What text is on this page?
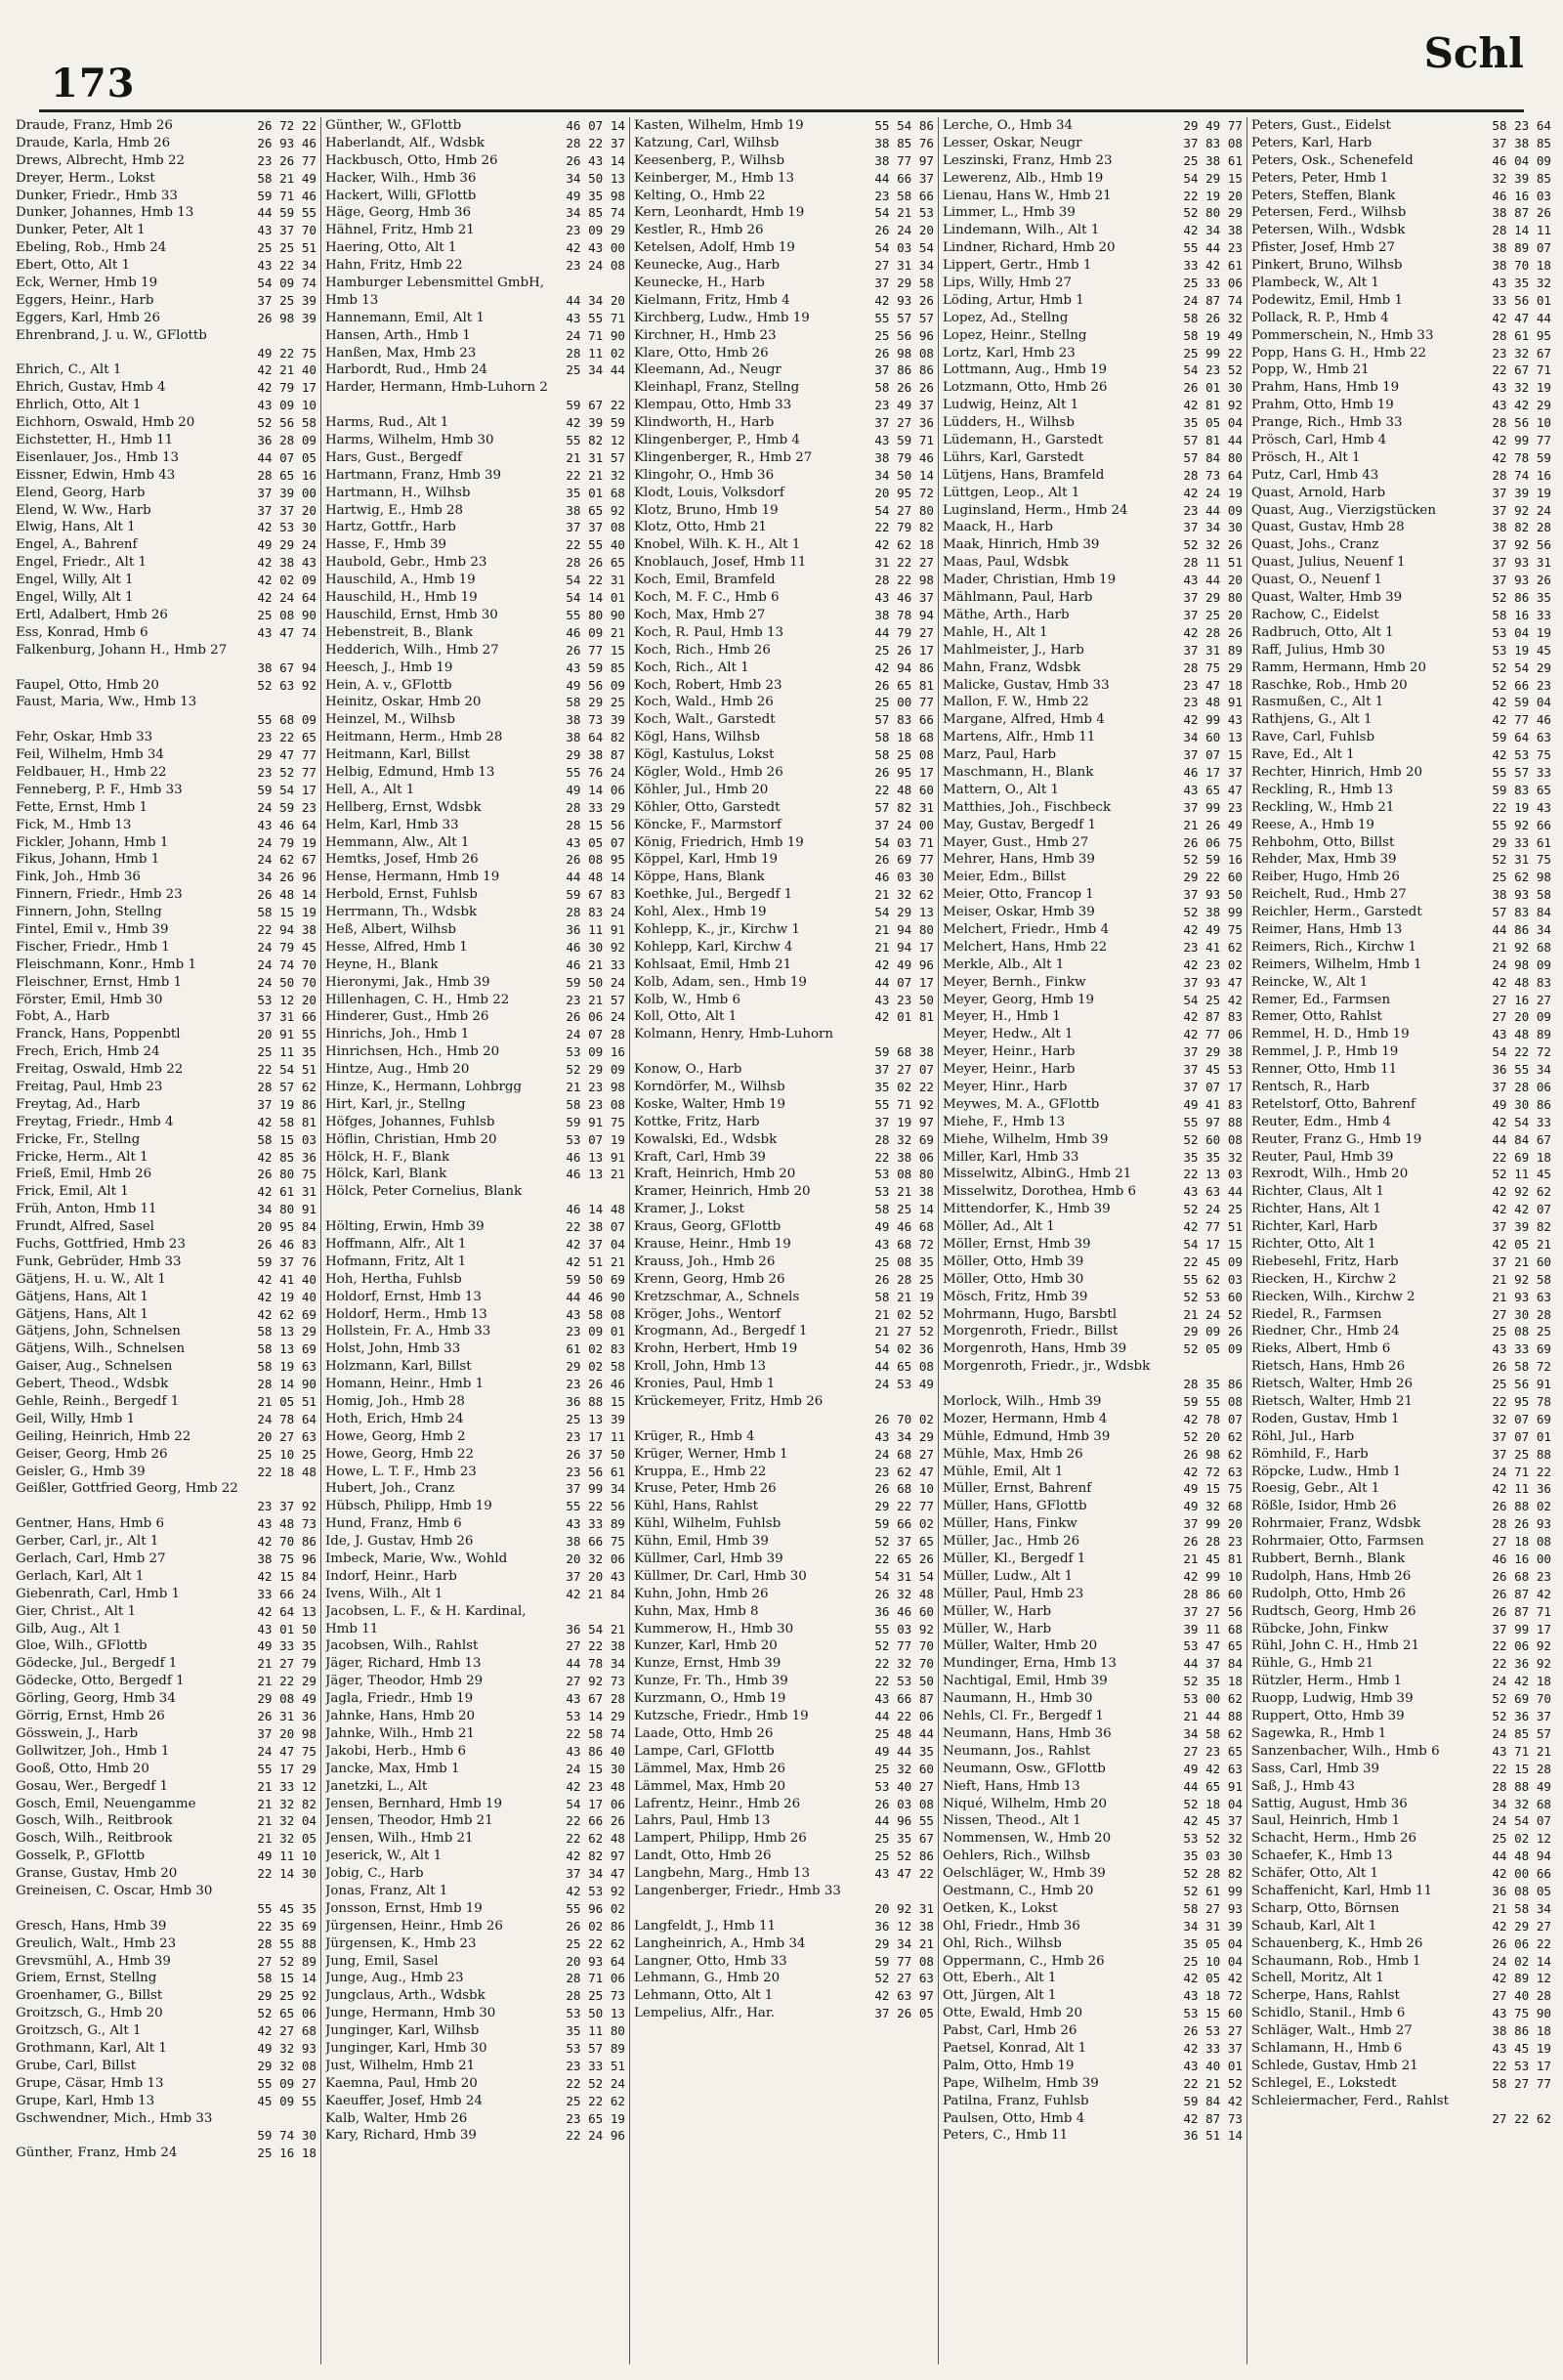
173
Schl
Draude, Franz, Hmb 26	26 72 22
Draude, Karla, Hmb 26	26 93 46
Drews, Albrecht, Hmb 22	23 26 77
Dreyer, Herm., Lokst	58 21 49
Dunker, Friedr., Hmb 33	59 71 46
Dunker, Johannes, Hmb 13	44 59 55
Dunker, Peter, Alt 1	43 37 70
Ebeling, Rob., Hmb 24	25 25 51
Ebert, Otto, Alt 1	43 22 34
Eck, Werner, Hmb 19	54 09 74
Eggers, Heinr., Harb	37 25 39
Eggers, Karl, Hmb 26	26 98 39
Ehrenbrand, J. u. W., GFlottb
49 22 75
Ehrich, C., Alt 1	42 21 40
Ehrich, Gustav, Hmb 4	42 79 17
Ehrlich, Otto, Alt 1	43 09 10
Eichhorn, Oswald, Hmb 20	52 56 58
Eichstetter, H., Hmb 11	36 28 09
Eisenlauer, Jos., Hmb 13	44 07 05
Eissner, Edwin, Hmb 43	28 65 16
Elend, Georg, Harb	37 39 00
Elend, W. Ww., Harb	37 37 20
Elwig, Hans, Alt 1	42 53 30
Engel, A., Bahrenf	49 29 24
Engel, Friedr., Alt 1	42 38 43
Engel, Willy, Alt 1	42 02 09
Engel, Willy, Alt 1	42 24 64
Ertl, Adalbert, Hmb 26	25 08 90
Ess, Konrad, Hmb 6	43 47 74
Falkenburg, Johann H., Hmb 27
38 67 94
Faupel, Otto, Hmb 20	52 63 92
Faust, Maria, Ww., Hmb 13
55 68 09
Fehr, Oskar, Hmb 33	23 22 65
Feil, Wilhelm, Hmb 34	29 47 77
Feldbauer, H., Hmb 22	23 52 77
Fenneberg, P. F., Hmb 33	59 54 17
Fette, Ernst, Hmb 1	24 59 23
Fick, M., Hmb 13	43 46 64
Fickler, Johann, Hmb 1	24 79 19
Fikus, Johann, Hmb 1	24 62 67
Fink, Joh., Hmb 36	34 26 96
Finnern, Friedr., Hmb 23	26 48 14
Finnern, John, Stellng	58 15 19
Fintel, Emil v., Hmb 39	22 94 38
Fischer, Friedr., Hmb 1	24 79 45
Fleischmann, Konr., Hmb 1	24 74 70
Fleischner, Ernst, Hmb 1	24 50 70
Förster, Emil, Hmb 30	53 12 20
Fobt, A., Harb	37 31 66
Franck, Hans, Poppenbtl	20 91 55
Frech, Erich, Hmb 24	25 11 35
Freitag, Oswald, Hmb 22	22 54 51
Freitag, Paul, Hmb 23	28 57 62
Freytag, Ad., Harb	37 19 86
Freytag, Friedr., Hmb 4	42 58 81
Fricke, Fr., Stellng	58 15 03
Fricke, Herm., Alt 1	42 85 36
Frieß, Emil, Hmb 26	26 80 75
Frick, Emil, Alt 1	42 61 31
Früh, Anton, Hmb 11	34 80 91
Frundt, Alfred, Sasel	20 95 84
Fuchs, Gottfried, Hmb 23	26 46 83
Funk, Gebrüder, Hmb 33	59 37 76
Gätjens, H. u. W., Alt 1	42 41 40
Gätjens, Hans, Alt 1	42 19 40
Gätjens, Hans, Alt 1	42 62 69
Gätjens, John, Schnelsen	58 13 29
Gätjens, Wilh., Schnelsen	58 13 69
Gaiser, Aug., Schnelsen	58 19 63
Gebert, Theod., Wdsbk	28 14 90
Gehle, Reinh., Bergedf 1	21 05 51
Geil, Willy, Hmb 1	24 78 64
Geiling, Heinrich, Hmb 22	20 27 63
Geiser, Georg, Hmb 26	25 10 25
Geisler, G., Hmb 39	22 18 48
Geißler, Gottfried Georg, Hmb 22
23 37 92
Gentner, Hans, Hmb 6	43 48 73
Gerber, Carl, jr., Alt 1	42 70 86
Gerlach, Carl, Hmb 27	38 75 96
Gerlach, Karl, Alt 1	42 15 84
Giebenrath, Carl, Hmb 1	33 66 24
Gier, Christ., Alt 1	42 64 13
Gilb, Aug., Alt 1	43 01 50
Gloe, Wilh., GFlottb	49 33 35
Gödecke, Jul., Bergedf 1	21 27 79
Gödecke, Otto, Bergedf 1	21 22 29
Görling, Georg, Hmb 34	29 08 49
Görrig, Ernst, Hmb 26	26 31 36
Gösswein, J., Harb	37 20 98
Gollwitzer, Joh., Hmb 1	24 47 75
Gooß, Otto, Hmb 20	55 17 29
Gosau, Wer., Bergedf 1	21 33 12
Gosch, Emil, Neuengamme	21 32 82
Gosch, Wilh., Reitbrook	21 32 04
Gosch, Wilh., Reitbrook	21 32 05
Gosselk, P., GFlottb	49 11 10
Granse, Gustav, Hmb 20	22 14 30
Greineisen, C. Oscar, Hmb 30
55 45 35
Gresch, Hans, Hmb 39	22 35 69
Greulich, Walt., Hmb 23	28 55 88
Grevsmühl, A., Hmb 39	27 52 89
Griem, Ernst, Stellng	58 15 14
Groenhamer, G., Billst	29 25 92
Groitzsch, G., Hmb 20	52 65 06
Groitzsch, G., Alt 1	42 27 68
Grothmann, Karl, Alt 1	49 32 93
Grube, Carl, Billst	29 32 08
Grupe, Cäsar, Hmb 13	55 09 27
Grupe, Karl, Hmb 13	45 09 55
Gschwendner, Mich., Hmb 33
59 74 30
Günther, Franz, Hmb 24	25 16 18
Günther, W., GFlottb	46 07 14
Haberlandt, Alf., Wdsbk	28 22 37
Hackbusch, Otto, Hmb 26	26 43 14
Hacker, Wilh., Hmb 36	34 50 13
Hackert, Willi, GFlottb	49 35 98
Häge, Georg, Hmb 36	34 85 74
Hähnel, Fritz, Hmb 21	23 09 29
Haering, Otto, Alt 1	42 43 00
Hahn, Fritz, Hmb 22	23 24 08
Hamburger Lebensmittel GmbH,
Hmb 13	44 34 20
Hannemann, Emil, Alt 1	43 55 71
Hansen, Arth., Hmb 1	24 71 90
Hanßen, Max, Hmb 23	28 11 02
Harbordt, Rud., Hmb 24	25 34 44
Harder, Hermann, Hmb-Luhorn 2
59 67 22
Harms, Rud., Alt 1	42 39 59
Harms, Wilhelm, Hmb 30	55 82 12
Hars, Gust., Bergedf	21 31 57
Hartmann, Franz, Hmb 39	22 21 32
Hartmann, H., Wilhsb	35 01 68
Hartwig, E., Hmb 28	38 65 92
Hartz, Gottfr., Harb	37 37 08
Hasse, F., Hmb 39	22 55 40
Haubold, Gebr., Hmb 23	28 26 65
Hauschild, A., Hmb 19	54 22 31
Hauschild, H., Hmb 19	54 14 01
Hauschild, Ernst, Hmb 30	55 80 90
Hebenstreit, B., Blank	46 09 21
Hedderich, Wilh., Hmb 27	26 77 15
Heesch, J., Hmb 19	43 59 85
Hein, A. v., GFlottb	49 56 09
Heinitz, Oskar, Hmb 20	58 29 25
Heinzel, M., Wilhsb	38 73 39
Heitmann, Herm., Hmb 28	38 64 82
Heitmann, Karl, Billst	29 38 87
Helbig, Edmund, Hmb 13	55 76 24
Hell, A., Alt 1	49 14 06
Hellberg, Ernst, Wdsbk	28 33 29
Helm, Karl, Hmb 33	28 15 56
Hemmann, Alw., Alt 1	43 05 07
Hemtks, Josef, Hmb 26	26 08 95
Hense, Hermann, Hmb 19	44 48 14
Herbold, Ernst, Fuhlsb	59 67 83
Herrmann, Th., Wdsbk	28 83 24
Heß, Albert, Wilhsb	36 11 91
Hesse, Alfred, Hmb 1	46 30 92
Heyne, H., Blank	46 21 33
Hieronymi, Jak., Hmb 39	59 50 24
Hillenhagen, C. H., Hmb 22	23 21 57
Hinderer, Gust., Hmb 26	26 06 24
Hinrichs, Joh., Hmb 1	24 07 28
Hinrichsen, Hch., Hmb 20	53 09 16
Hintze, Aug., Hmb 20	52 29 09
Hinze, K., Hermann, Lohbrgg	21 23 98
Hirt, Karl, jr., Stellng	58 23 08
Höfges, Johannes, Fuhlsb	59 91 75
Höflin, Christian, Hmb 20	53 07 19
Hölck, H. F., Blank	46 13 91
Hölck, Karl, Blank	46 13 21
Hölck, Peter Cornelius, Blank
46 14 48
Hölting, Erwin, Hmb 39	22 38 07
Hoffmann, Alfr., Alt 1	42 37 04
Hofmann, Fritz, Alt 1	42 51 21
Hoh, Hertha, Fuhlsb	59 50 69
Holdorf, Ernst, Hmb 13	44 46 90
Holdorf, Herm., Hmb 13	43 58 08
Hollstein, Fr. A., Hmb 33	23 09 01
Holst, John, Hmb 33	61 02 83
Holzmann, Karl, Billst	29 02 58
Homann, Heinr., Hmb 1	23 26 46
Homig, Joh., Hmb 28	36 88 15
Hoth, Erich, Hmb 24	25 13 39
Howe, Georg, Hmb 2	23 17 11
Howe, Georg, Hmb 22	26 37 50
Howe, L. T. F., Hmb 23	23 56 61
Hubert, Joh., Cranz	37 99 34
Hübsch, Philipp, Hmb 19	55 22 56
Hund, Franz, Hmb 6	43 33 89
Ide, J. Gustav, Hmb 26	38 66 75
Imbeck, Marie, Ww., Wohld	20 32 06
Indorf, Heinr., Harb	37 20 43
Ivens, Wilh., Alt 1	42 21 84
Jacobsen, L. F., & H. Kardinal,
Hmb 11	36 54 21
Jacobsen, Wilh., Rahlst	27 22 38
Jäger, Richard, Hmb 13	44 78 34
Jäger, Theodor, Hmb 29	27 92 73
Jagla, Friedr., Hmb 19	43 67 28
Jahnke, Hans, Hmb 20	53 14 29
Jahnke, Wilh., Hmb 21	22 58 74
Jakobi, Herb., Hmb 6	43 86 40
Jancke, Max, Hmb 1	24 15 30
Janetzki, L., Alt	42 23 48
Jensen, Bernhard, Hmb 19	54 17 06
Jensen, Theodor, Hmb 21	22 66 26
Jensen, Wilh., Hmb 21	22 62 48
Jeserick, W., Alt 1	42 82 97
Jobig, C., Harb	37 34 47
Jonas, Franz, Alt 1	42 53 92
Jonsson, Ernst, Hmb 19	55 96 02
Jürgensen, Heinr., Hmb 26	26 02 86
Jürgensen, K., Hmb 23	25 22 62
Jung, Emil, Sasel	20 93 64
Junge, Aug., Hmb 23	28 71 06
Jungclaus, Arth., Wdsbk	28 25 73
Junge, Hermann, Hmb 30	53 50 13
Junginger, Karl, Wilhsb	35 11 80
Junginger, Karl, Hmb 30	53 57 89
Just, Wilhelm, Hmb 21	23 33 51
Kaemna, Paul, Hmb 20	22 52 24
Kaeuffer, Josef, Hmb 24	25 22 62
Kalb, Walter, Hmb 26	23 65 19
Kary, Richard, Hmb 39	22 24 96
Kasten, Wilhelm, Hmb 19	55 54 86
Katzung, Carl, Wilhsb	38 85 76
Keesenberg, P., Wilhsb	38 77 97
Keinberger, M., Hmb 13	44 66 37
Kelting, O., Hmb 22	23 58 66
Kern, Leonhardt, Hmb 19	54 21 53
Kestler, R., Hmb 26	26 24 20
Ketelsen, Adolf, Hmb 19	54 03 54
Keunecke, Aug., Harb	27 31 34
Keunecke, H., Harb	37 29 58
Kielmann, Fritz, Hmb 4	42 93 26
Kirchberg, Ludw., Hmb 19	55 57 57
Kirchner, H., Hmb 23	25 56 96
Klare, Otto, Hmb 26	26 98 08
Kleemann, Ad., Neugr	37 86 86
Kleinhapl, Franz, Stellng	58 26 26
Klempau, Otto, Hmb 33	23 49 37
Klindworth, H., Harb	37 27 36
Klingenberger, P., Hmb 4	43 59 71
Klingenberger, R., Hmb 27	38 79 46
Klingohr, O., Hmb 36	34 50 14
Klodt, Louis, Volksdorf	20 95 72
Klotz, Bruno, Hmb 19	54 27 80
Klotz, Otto, Hmb 21	22 79 82
Knobel, Wilh. K. H., Alt 1	42 62 18
Knoblauch, Josef, Hmb 11	31 22 27
Koch, Emil, Bramfeld	28 22 98
Koch, M. F. C., Hmb 6	43 46 37
Koch, Max, Hmb 27	38 78 94
Koch, R. Paul, Hmb 13	44 79 27
Koch, Rich., Hmb 26	25 26 17
Koch, Rich., Alt 1	42 94 86
Koch, Robert, Hmb 23	26 65 81
Koch, Wald., Hmb 26	25 00 77
Koch, Walt., Garstedt	57 83 66
Kögl, Hans, Wilhsb	58 18 68
Kögl, Kastulus, Lokst	58 25 08
Kögler, Wold., Hmb 26	26 95 17
Köhler, Jul., Hmb 20	22 48 60
Köhler, Otto, Garstedt	57 82 31
Köncke, F., Marmstorf	37 24 00
König, Friedrich, Hmb 19	54 03 71
Köppel, Karl, Hmb 19	26 69 77
Köppe, Hans, Blank	46 03 30
Koethke, Jul., Bergedf 1	21 32 62
Kohl, Alex., Hmb 19	54 29 13
Kohlepp, K., jr., Kirchw 1	21 94 80
Kohlepp, Karl, Kirchw 4	21 94 17
Kohlsaat, Emil, Hmb 21	42 49 96
Kolb, Adam, sen., Hmb 19	44 07 17
Kolb, W., Hmb 6	43 23 50
Koll, Otto, Alt 1	42 01 81
Kolmann, Henry, Hmb-Luhorn
59 68 38
Konow, O., Harb	37 27 07
Korndörfer, M., Wilhsb	35 02 22
Koske, Walter, Hmb 19	55 71 92
Kottke, Fritz, Harb	37 19 97
Kowalski, Ed., Wdsbk	28 32 69
Kraft, Carl, Hmb 39	22 38 06
Kraft, Heinrich, Hmb 20	53 08 80
Kramer, Heinrich, Hmb 20	53 21 38
Kramer, J., Lokst	58 25 14
Kraus, Georg, GFlottb	49 46 68
Krause, Heinr., Hmb 19	43 68 72
Krauss, Joh., Hmb 26	25 08 35
Krenn, Georg, Hmb 26	26 28 25
Kretzschmar, A., Schnels	58 21 19
Kröger, Johs., Wentorf	21 02 52
Krogmann, Ad., Bergedf 1	21 27 52
Krohn, Herbert, Hmb 19	54 02 36
Kroll, John, Hmb 13	44 65 08
Kronies, Paul, Hmb 1	24 53 49
Krückemeyer, Fritz, Hmb 26
26 70 02
Krüger, R., Hmb 4	43 34 29
Krüger, Werner, Hmb 1	24 68 27
Kruppa, E., Hmb 22	23 62 47
Kruse, Peter, Hmb 26	26 68 10
Kühl, Hans, Rahlst	29 22 77
Kühl, Wilhelm, Fuhlsb	59 66 02
Kühn, Emil, Hmb 39	52 37 65
Küllmer, Carl, Hmb 39	22 65 26
Küllmer, Dr. Carl, Hmb 30	54 31 54
Kuhn, John, Hmb 26	26 32 48
Kuhn, Max, Hmb 8	36 46 60
Kummerow, H., Hmb 30	55 03 92
Kunzer, Karl, Hmb 20	52 77 70
Kunze, Ernst, Hmb 39	22 32 70
Kunze, Fr. Th., Hmb 39	22 53 50
Kurzmann, O., Hmb 19	43 66 87
Kutzsche, Friedr., Hmb 19	44 22 06
Laade, Otto, Hmb 26	25 48 44
Lampe, Carl, GFlottb	49 44 35
Lämmel, Max, Hmb 26	25 32 60
Lämmel, Max, Hmb 20	53 40 27
Lafrentz, Heinr., Hmb 26	26 03 08
Lahrs, Paul, Hmb 13	44 96 55
Lampert, Philipp, Hmb 26	25 35 67
Landt, Otto, Hmb 26	25 52 86
Langbehn, Marg., Hmb 13	43 47 22
Langenberger, Friedr., Hmb 33
20 92 31
Langfeldt, J., Hmb 11	36 12 38
Langheinrich, A., Hmb 34	29 34 21
Langner, Otto, Hmb 33	59 77 08
Lehmann, G., Hmb 20	52 27 63
Lehmann, Otto, Alt 1	42 63 97
Lempelius, Alfr., Har.	37 26 05
Lerche, O., Hmb 34	29 49 77
Lesser, Oskar, Neugr	37 83 08
Leszinski, Franz, Hmb 23	25 38 61
Lewerenz, Alb., Hmb 19	54 29 15
Lienau, Hans W., Hmb 21	22 19 20
Limmer, L., Hmb 39	52 80 29
Lindemann, Wilh., Alt 1	42 34 38
Lindner, Richard, Hmb 20	55 44 23
Lippert, Gertr., Hmb 1	33 42 61
Lips, Willy, Hmb 27	25 33 06
Löding, Artur, Hmb 1	24 87 74
Lopez, Ad., Stellng	58 26 32
Lopez, Heinr., Stellng	58 19 49
Lortz, Karl, Hmb 23	25 99 22
Lottmann, Aug., Hmb 19	54 23 52
Lotzmann, Otto, Hmb 26	26 01 30
Ludwig, Heinz, Alt 1	42 81 92
Lüdders, H., Wilhsb	35 05 04
Lüdemann, H., Garstedt	57 81 44
Lührs, Karl, Garstedt	57 84 80
Lütjens, Hans, Bramfeld	28 73 64
Lüttgen, Leop., Alt 1	42 24 19
Luginsland, Herm., Hmb 24	23 44 09
Maack, H., Harb	37 34 30
Maak, Hinrich, Hmb 39	52 32 26
Maas, Paul, Wdsbk	28 11 51
Mader, Christian, Hmb 19	43 44 20
Mählmann, Paul, Harb	37 29 80
Mäthe, Arth., Harb	37 25 20
Mahle, H., Alt 1	42 28 26
Mahlmeister, J., Harb	37 31 89
Mahn, Franz, Wdsbk	28 75 29
Malicke, Gustav, Hmb 33	23 47 18
Mallon, F. W., Hmb 22	23 48 91
Margane, Alfred, Hmb 4	42 99 43
Martens, Alfr., Hmb 11	34 60 13
Marz, Paul, Harb	37 07 15
Maschmann, H., Blank	46 17 37
Mattern, O., Alt 1	43 65 47
Matthies, Joh., Fischbeck	37 99 23
May, Gustav, Bergedf 1	21 26 49
Mayer, Gust., Hmb 27	26 06 75
Mehrer, Hans, Hmb 39	52 59 16
Meier, Edm., Billst	29 22 60
Meier, Otto, Francop 1	37 93 50
Meiser, Oskar, Hmb 39	52 38 99
Melchert, Friedr., Hmb 4	42 49 75
Melchert, Hans, Hmb 22	23 41 62
Merkle, Alb., Alt 1	42 23 02
Meyer, Bernh., Finkw	37 93 47
Meyer, Georg, Hmb 19	54 25 42
Meyer, H., Hmb 1	42 87 83
Meyer, Hedw., Alt 1	42 77 06
Meyer, Heinr., Harb	37 29 38
Meyer, Heinr., Harb	37 45 53
Meyer, Hinr., Harb	37 07 17
Meywes, M. A., GFlottb	49 41 83
Miehe, F., Hmb 13	55 97 88
Miehe, Wilhelm, Hmb 39	52 60 08
Miller, Karl, Hmb 33	35 35 32
Misselwitz, AlbinG., Hmb 21	22 13 03
Misselwitz, Dorothea, Hmb 6	43 63 44
Mittendorfer, K., Hmb 39	52 24 25
Möller, Ad., Alt 1	42 77 51
Möller, Ernst, Hmb 39	54 17 15
Möller, Otto, Hmb 39	22 45 09
Möller, Otto, Hmb 30	55 62 03
Mösch, Fritz, Hmb 39	52 53 60
Mohrmann, Hugo, Barsbtl	21 24 52
Morgenroth, Friedr., Billst	29 09 26
Morgenroth, Hans, Hmb 39	52 05 09
Morgenroth, Friedr., jr., Wdsbk
28 35 86
Morlock, Wilh., Hmb 39	59 55 08
Mozer, Hermann, Hmb 4	42 78 07
Mühle, Edmund, Hmb 39	52 20 62
Mühle, Max, Hmb 26	26 98 62
Mühle, Emil, Alt 1	42 72 63
Müller, Ernst, Bahrenf	49 15 75
Müller, Hans, GFlottb	49 32 68
Müller, Hans, Finkw	37 99 20
Müller, Jac., Hmb 26	26 28 23
Müller, Kl., Bergedf 1	21 45 81
Müller, Ludw., Alt 1	42 99 10
Müller, Paul, Hmb 23	28 86 60
Müller, W., Harb	37 27 56
Müller, W., Harb	39 11 68
Müller, Walter, Hmb 20	53 47 65
Mundinger, Erna, Hmb 13	44 37 84
Nachtigal, Emil, Hmb 39	52 35 18
Naumann, H., Hmb 30	53 00 62
Nehls, Cl. Fr., Bergedf 1	21 44 88
Neumann, Hans, Hmb 36	34 58 62
Neumann, Jos., Rahlst	27 23 65
Neumann, Osw., GFlottb	49 42 63
Nieft, Hans, Hmb 13	44 65 91
Niqué, Wilhelm, Hmb 20	52 18 04
Nissen, Theod., Alt 1	42 45 37
Nommensen, W., Hmb 20	53 52 32
Oehlers, Rich., Wilhsb	35 03 30
Oelschläger, W., Hmb 39	52 28 82
Oestmann, C., Hmb 20	52 61 99
Oetken, K., Lokst	58 27 93
Ohl, Friedr., Hmb 36	34 31 39
Ohl, Rich., Wilhsb	35 05 04
Oppermann, C., Hmb 26	25 10 04
Ott, Eberh., Alt 1	42 05 42
Ott, Jürgen, Alt 1	43 18 72
Otte, Ewald, Hmb 20	53 15 60
Pabst, Carl, Hmb 26	26 53 27
Paetsel, Konrad, Alt 1	42 33 37
Palm, Otto, Hmb 19	43 40 01
Pape, Wilhelm, Hmb 39	22 21 52
Patilna, Franz, Fuhlsb	59 84 42
Paulsen, Otto, Hmb 4	42 87 73
Peters, C., Hmb 11	36 51 14
Peters, Gust., Eidelst	58 23 64
Peters, Karl, Harb	37 38 85
Peters, Osk., Schenefeld	46 04 09
Peters, Peter, Hmb 1	32 39 85
Peters, Steffen, Blank	46 16 03
Petersen, Ferd., Wilhsb	38 87 26
Petersen, Wilh., Wdsbk	28 14 11
Pfister, Josef, Hmb 27	38 89 07
Pinkert, Bruno, Wilhsb	38 70 18
Plambeck, W., Alt 1	43 35 32
Podewitz, Emil, Hmb 1	33 56 01
Pollack, R. P., Hmb 4	42 47 44
Pommerschein, N., Hmb 33	28 61 95
Popp, Hans G. H., Hmb 22	23 32 67
Popp, W., Hmb 21	22 67 71
Prahm, Hans, Hmb 19	43 32 19
Prahm, Otto, Hmb 19	43 42 29
Prange, Rich., Hmb 33	28 56 10
Prösch, Carl, Hmb 4	42 99 77
Prösch, H., Alt 1	42 78 59
Putz, Carl, Hmb 43	28 74 16
Quast, Arnold, Harb	37 39 19
Quast, Aug., Vierzigstücken	37 92 24
Quast, Gustav, Hmb 28	38 82 28
Quast, Johs., Cranz	37 92 56
Quast, Julius, Neuenf 1	37 93 31
Quast, O., Neuenf 1	37 93 26
Quast, Walter, Hmb 39	52 86 35
Rachow, C., Eidelst	58 16 33
Radbruch, Otto, Alt 1	53 04 19
Raff, Julius, Hmb 30	53 19 45
Ramm, Hermann, Hmb 20	52 54 29
Raschke, Rob., Hmb 20	52 66 23
Rasmußen, C., Alt 1	42 59 04
Rathjens, G., Alt 1	42 77 46
Rave, Carl, Fuhlsb	59 64 63
Rave, Ed., Alt 1	42 53 75
Rechter, Hinrich, Hmb 20	55 57 33
Reckling, R., Hmb 13	59 83 65
Reckling, W., Hmb 21	22 19 43
Reese, A., Hmb 19	55 92 66
Rehbohm, Otto, Billst	29 33 61
Rehder, Max, Hmb 39	52 31 75
Reiber, Hugo, Hmb 26	25 62 98
Reichelt, Rud., Hmb 27	38 93 58
Reichler, Herm., Garstedt	57 83 84
Reimer, Hans, Hmb 13	44 86 34
Reimers, Rich., Kirchw 1	21 92 68
Reimers, Wilhelm, Hmb 1	24 98 09
Reincke, W., Alt 1	42 48 83
Remer, Ed., Farmsen	27 16 27
Remer, Otto, Rahlst	27 20 09
Remmel, H. D., Hmb 19	43 48 89
Remmel, J. P., Hmb 19	54 22 72
Renner, Otto, Hmb 11	36 55 34
Rentsch, R., Harb	37 28 06
Retelstorf, Otto, Bahrenf	49 30 86
Reuter, Edm., Hmb 4	42 54 33
Reuter, Franz G., Hmb 19	44 84 67
Reuter, Paul, Hmb 39	22 69 18
Rexrodt, Wilh., Hmb 20	52 11 45
Richter, Claus, Alt 1	42 92 62
Richter, Hans, Alt 1	42 42 07
Richter, Karl, Harb	37 39 82
Richter, Otto, Alt 1	42 05 21
Riebesehl, Fritz, Harb	37 21 60
Riecken, H., Kirchw 2	21 92 58
Riecken, Wilh., Kirchw 2	21 93 63
Riedel, R., Farmsen	27 30 28
Riedner, Chr., Hmb 24	25 08 25
Rieks, Albert, Hmb 6	43 33 69
Rietsch, Hans, Hmb 26	26 58 72
Rietsch, Walter, Hmb 26	25 56 91
Rietsch, Walter, Hmb 21	22 95 78
Roden, Gustav, Hmb 1	32 07 69
Röhl, Jul., Harb	37 07 01
Römhild, F., Harb	37 25 88
Röpcke, Ludw., Hmb 1	24 71 22
Roesig, Gebr., Alt 1	42 11 36
Rößle, Isidor, Hmb 26	26 88 02
Rohrmaier, Franz, Wdsbk	28 26 93
Rohrmaier, Otto, Farmsen	27 18 08
Rubbert, Bernh., Blank	46 16 00
Rudolph, Hans, Hmb 26	26 68 23
Rudolph, Otto, Hmb 26	26 87 42
Rudtsch, Georg, Hmb 26	26 87 71
Rübcke, John, Finkw	37 99 17
Rühl, John C. H., Hmb 21	22 06 92
Rühle, G., Hmb 21	22 36 92
Rützler, Herm., Hmb 1	24 42 18
Ruopp, Ludwig, Hmb 39	52 69 70
Ruppert, Otto, Hmb 39	52 36 37
Sagewka, R., Hmb 1	24 85 57
Sanzenbacher, Wilh., Hmb 6	43 71 21
Sass, Carl, Hmb 39	22 15 28
Saß, J., Hmb 43	28 88 49
Sattig, August, Hmb 36	34 32 68
Saul, Heinrich, Hmb 1	24 54 07
Schacht, Herm., Hmb 26	25 02 12
Schaefer, K., Hmb 13	44 48 94
Schäfer, Otto, Alt 1	42 00 66
Schaffenicht, Karl, Hmb 11	36 08 05
Scharp, Otto, Börnsen	21 58 34
Schaub, Karl, Alt 1	42 29 27
Schauenberg, K., Hmb 26	26 06 22
Schaumann, Rob., Hmb 1	24 02 14
Schell, Moritz, Alt 1	42 89 12
Scherpe, Hans, Rahlst	27 40 28
Schidlo, Stanil., Hmb 6	43 75 90
Schläger, Walt., Hmb 27	38 86 18
Schlamann, H., Hmb 6	43 45 19
Schlede, Gustav, Hmb 21	22 53 17
Schlegel, E., Lokstedt	58 27 77
Schleiermacher, Ferd., Rahlst
27 22 62
